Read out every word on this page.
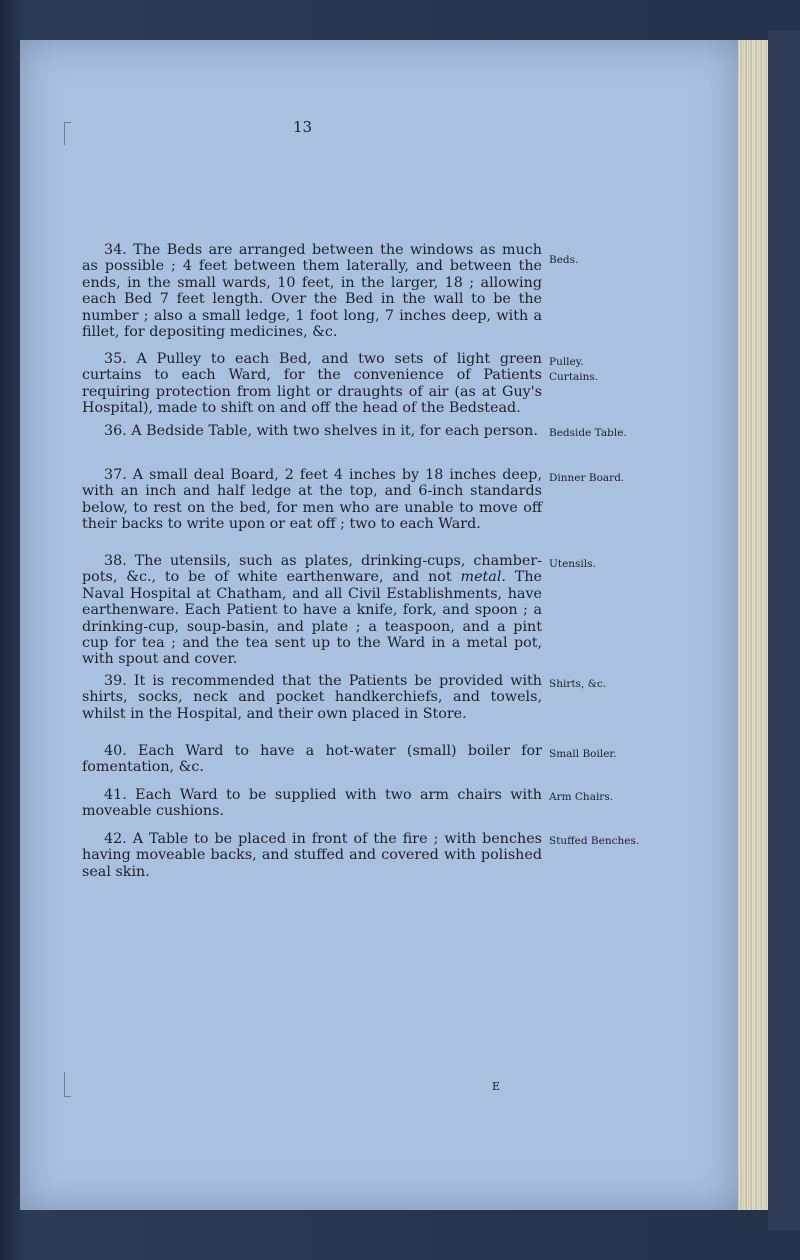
13

34. The Beds are arranged between the windows as much as possible ; 4 feet between them laterally, and between the ends, in the small wards, 10 feet, in the larger, 18 ; allowing each Bed 7 feet length. Over the Bed in the wall to be the number ; also a small ledge, 1 foot long, 7 inches deep, with a fillet, for depositing medicines, &c.

Beds.

35. A Pulley to each Bed, and two sets of light green curtains to each Ward, for the convenience of Patients requiring protection from light or draughts of air (as at Guy's Hospital), made to shift on and off the head of the Bedstead.

Pulley. Curtains.

36. A Bedside Table, with two shelves in it, for each person.	Bedside Table.

37. A small deal Board, 2 feet 4 inches by 18 inches deep, with an inch and half ledge at the top, and 6-inch standards below, to rest on the bed, for men who are unable to move off their backs to write upon or eat off ; two to each Ward.

Dinner Board.

38. The utensils, such as plates, drinking-cups, chamber-pots, &c., to be of white earthenware, and not metal. The Naval Hospital at Chatham, and all Civil Establishments, have earthenware. Each Patient to have a knife, fork, and spoon ; a drinking-cup, soup-basin, and plate ; a teaspoon, and a pint cup for tea ; and the tea sent up to the Ward in a metal pot, with spout and cover.

Utensils.

39. It is recommended that the Patients be provided with shirts, socks, neck and pocket handkerchiefs, and towels, whilst in the Hospital, and their own placed in Store.

Shirts, &c.

40. Each Ward to have a hot-water (small) boiler for fomentation, &c.

Small Boiler.

41. Each Ward to be supplied with two arm chairs with moveable cushions.

Arm Chairs.

42. A Table to be placed in front of the fire ; with benches having moveable backs, and stuffed and covered with polished seal skin.

Stuffed Benches.
E
